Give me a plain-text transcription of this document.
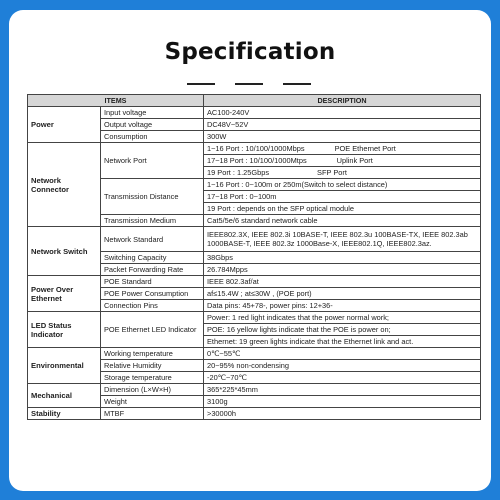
Specification
ITEMS		DESCRIPTION
Power	Input voltage	AC100-240V
	Output voltage	DC48V~52V
	Consumption	300W
Network Connector	Network Port	1~16 Port : 10/100/1000Mbps POE Ethernet Port
		17~18 Port : 10/100/1000Mtps Uplink Port
		19 Port : 1.25Gbps SFP Port
	Transmission Distance	1~16 Port : 0~100m or 250m(Switch to select distance)
		17~18 Port : 0~100m
		19 Port : depends on the SFP optical module
	Transmission Medium	Cat5/5e/6 standard network cable
Network Switch	Network Standard	IEEE802.3X, IEEE 802.3i 10BASE-T, IEEE 802.3u 100BASE-TX, IEEE 802.3ab 1000BASE-T, IEEE 802.3z 1000Base-X, IEEE802.1Q, IEEE802.3az.
	Switching Capacity	38Gbps
	Packet Forwarding Rate	26.784Mpps
Power Over Ethernet	POE Standard	IEEE 802.3af/at
	POE Power Consumption	af≤15.4W ; at≤30W , (POE port)
	Connection Pins	Data pins: 45+78-, power pins: 12+36-
LED Status Indicator	POE Ethernet LED Indicator	Power: 1 red light indicates that the power normal work;
		POE: 16 yellow lights indicate that the POE is power on;
		Ethernet: 19 green lights indicate that the Ethernet link and act.
Environmental	Working temperature	0℃~55℃
	Relative Humidity	20~95% non-condensing
	Storage temperature	-20℃~70℃
Mechanical	Dimension (L×W×H)	365*225*45mm
	Weight	3100g
Stability	MTBF	>30000h
